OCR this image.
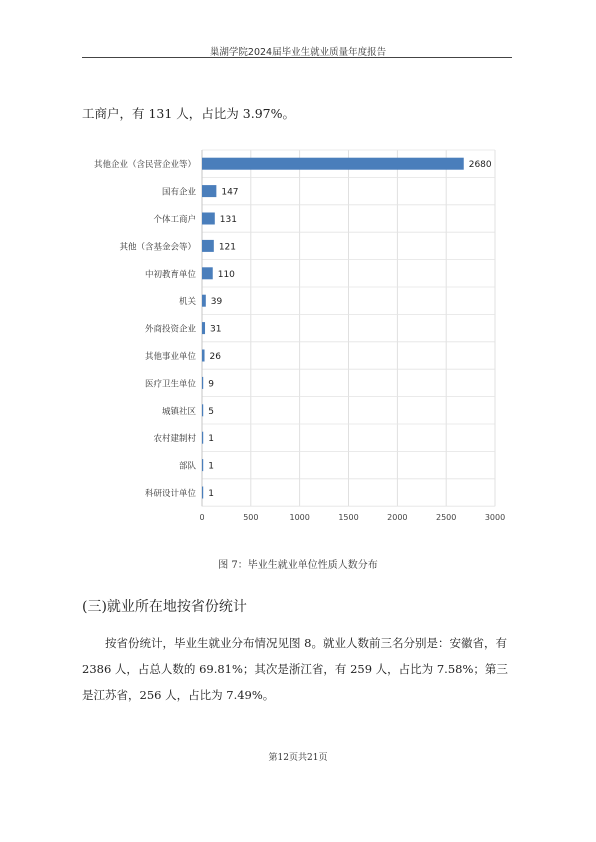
巢湖学院2024届毕业生就业质量年度报告
工商户，有 131 人，占比为 3.97%。
2680
其他企业（含民营企业等）
147
国有企业
131
个体工商户
121
其他（含基金会等）
110
中初教育单位
39
机关
31
外商投资企业
26
其他事业单位
9
医疗卫生单位
5
城镇社区
1
农村建制村
1
部队
1
科研设计单位
0	500	1000	1500	2000	2500	3000
图 7：毕业生就业单位性质人数分布
(三)就业所在地按省份统计
按省份统计，毕业生就业分布情况见图 8。就业人数前三名分别是：安徽省，有 2386 人，占总人数的 69.81%；其次是浙江省，有 259 人，占比为 7.58%；第三是江苏省，256 人，占比为 7.49%。
第12页共21页
